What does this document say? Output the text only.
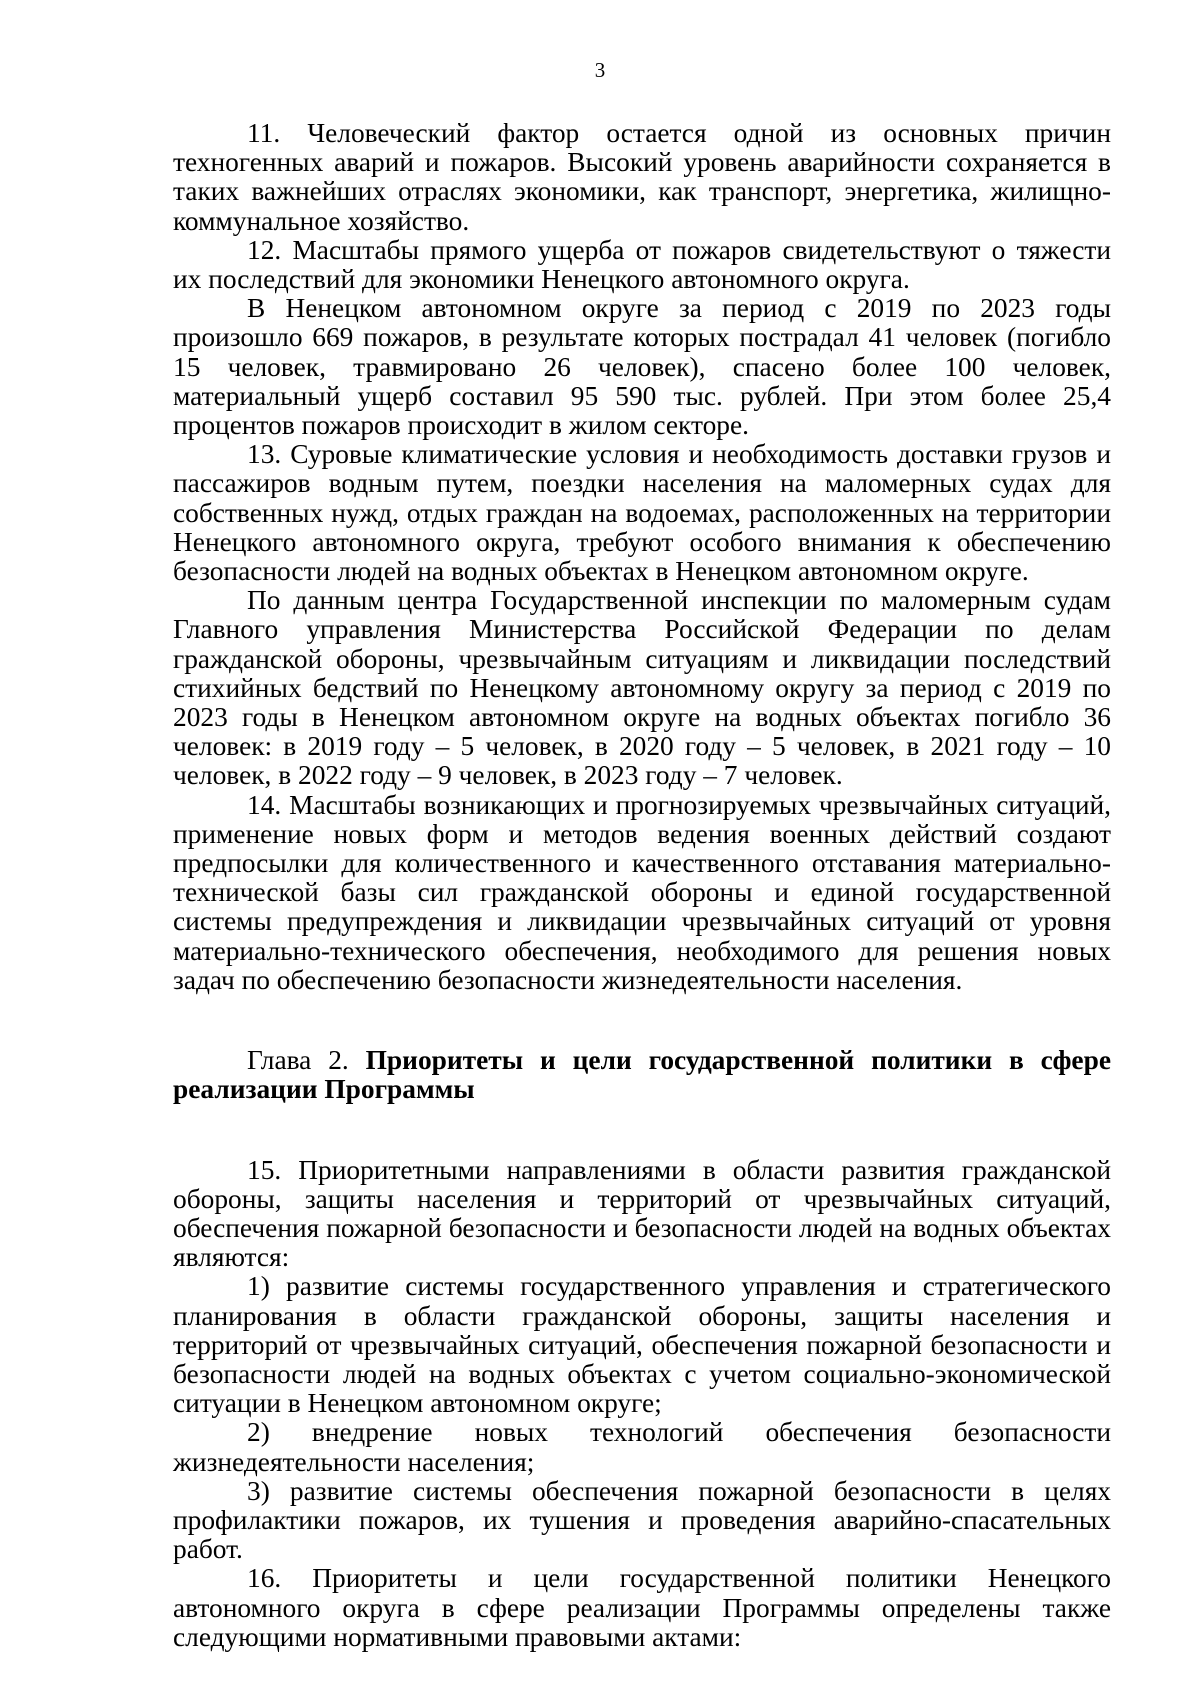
3

11. Человеческий фактор остается одной из основных причин техногенных аварий и пожаров. Высокий уровень аварийности сохраняется в таких важнейших отраслях экономики, как транспорт, энергетика, жилищно-коммунальное хозяйство.

12. Масштабы прямого ущерба от пожаров свидетельствуют о тяжести их последствий для экономики Ненецкого автономного округа.

В Ненецком автономном округе за период с 2019 по 2023 годы произошло 669 пожаров, в результате которых пострадал 41 человек (погибло 15 человек, травмировано 26 человек), спасено более 100 человек, материальный ущерб составил 95 590 тыс. рублей. При этом более 25,4 процентов пожаров происходит в жилом секторе.

13. Суровые климатические условия и необходимость доставки грузов и пассажиров водным путем, поездки населения на маломерных судах для собственных нужд, отдых граждан на водоемах, расположенных на территории Ненецкого автономного округа, требуют особого внимания к обеспечению безопасности людей на водных объектах в Ненецком автономном округе.

По данным центра Государственной инспекции по маломерным судам Главного управления Министерства Российской Федерации по делам гражданской обороны, чрезвычайным ситуациям и ликвидации последствий стихийных бедствий по Ненецкому автономному округу за период с 2019 по 2023 годы в Ненецком автономном округе на водных объектах погибло 36 человек: в 2019 году – 5 человек, в 2020 году – 5 человек, в 2021 году – 10 человек, в 2022 году – 9 человек, в 2023 году – 7 человек.

14. Масштабы возникающих и прогнозируемых чрезвычайных ситуаций, применение новых форм и методов ведения военных действий создают предпосылки для количественного и качественного отставания материально-технической базы сил гражданской обороны и единой государственной системы предупреждения и ликвидации чрезвычайных ситуаций от уровня материально-технического обеспечения, необходимого для решения новых задач по обеспечению безопасности жизнедеятельности населения.

Глава 2. Приоритеты и цели государственной политики в сфере реализации Программы

15. Приоритетными направлениями в области развития гражданской обороны, защиты населения и территорий от чрезвычайных ситуаций, обеспечения пожарной безопасности и безопасности людей на водных объектах являются:

1) развитие системы государственного управления и стратегического планирования в области гражданской обороны, защиты населения и территорий от чрезвычайных ситуаций, обеспечения пожарной безопасности и безопасности людей на водных объектах с учетом социально-экономической ситуации в Ненецком автономном округе;

2) внедрение новых технологий обеспечения безопасности жизнедеятельности населения;

3) развитие системы обеспечения пожарной безопасности в целях профилактики пожаров, их тушения и проведения аварийно-спасательных работ.

16. Приоритеты и цели государственной политики Ненецкого автономного округа в сфере реализации Программы определены также следующими нормативными правовыми актами:
